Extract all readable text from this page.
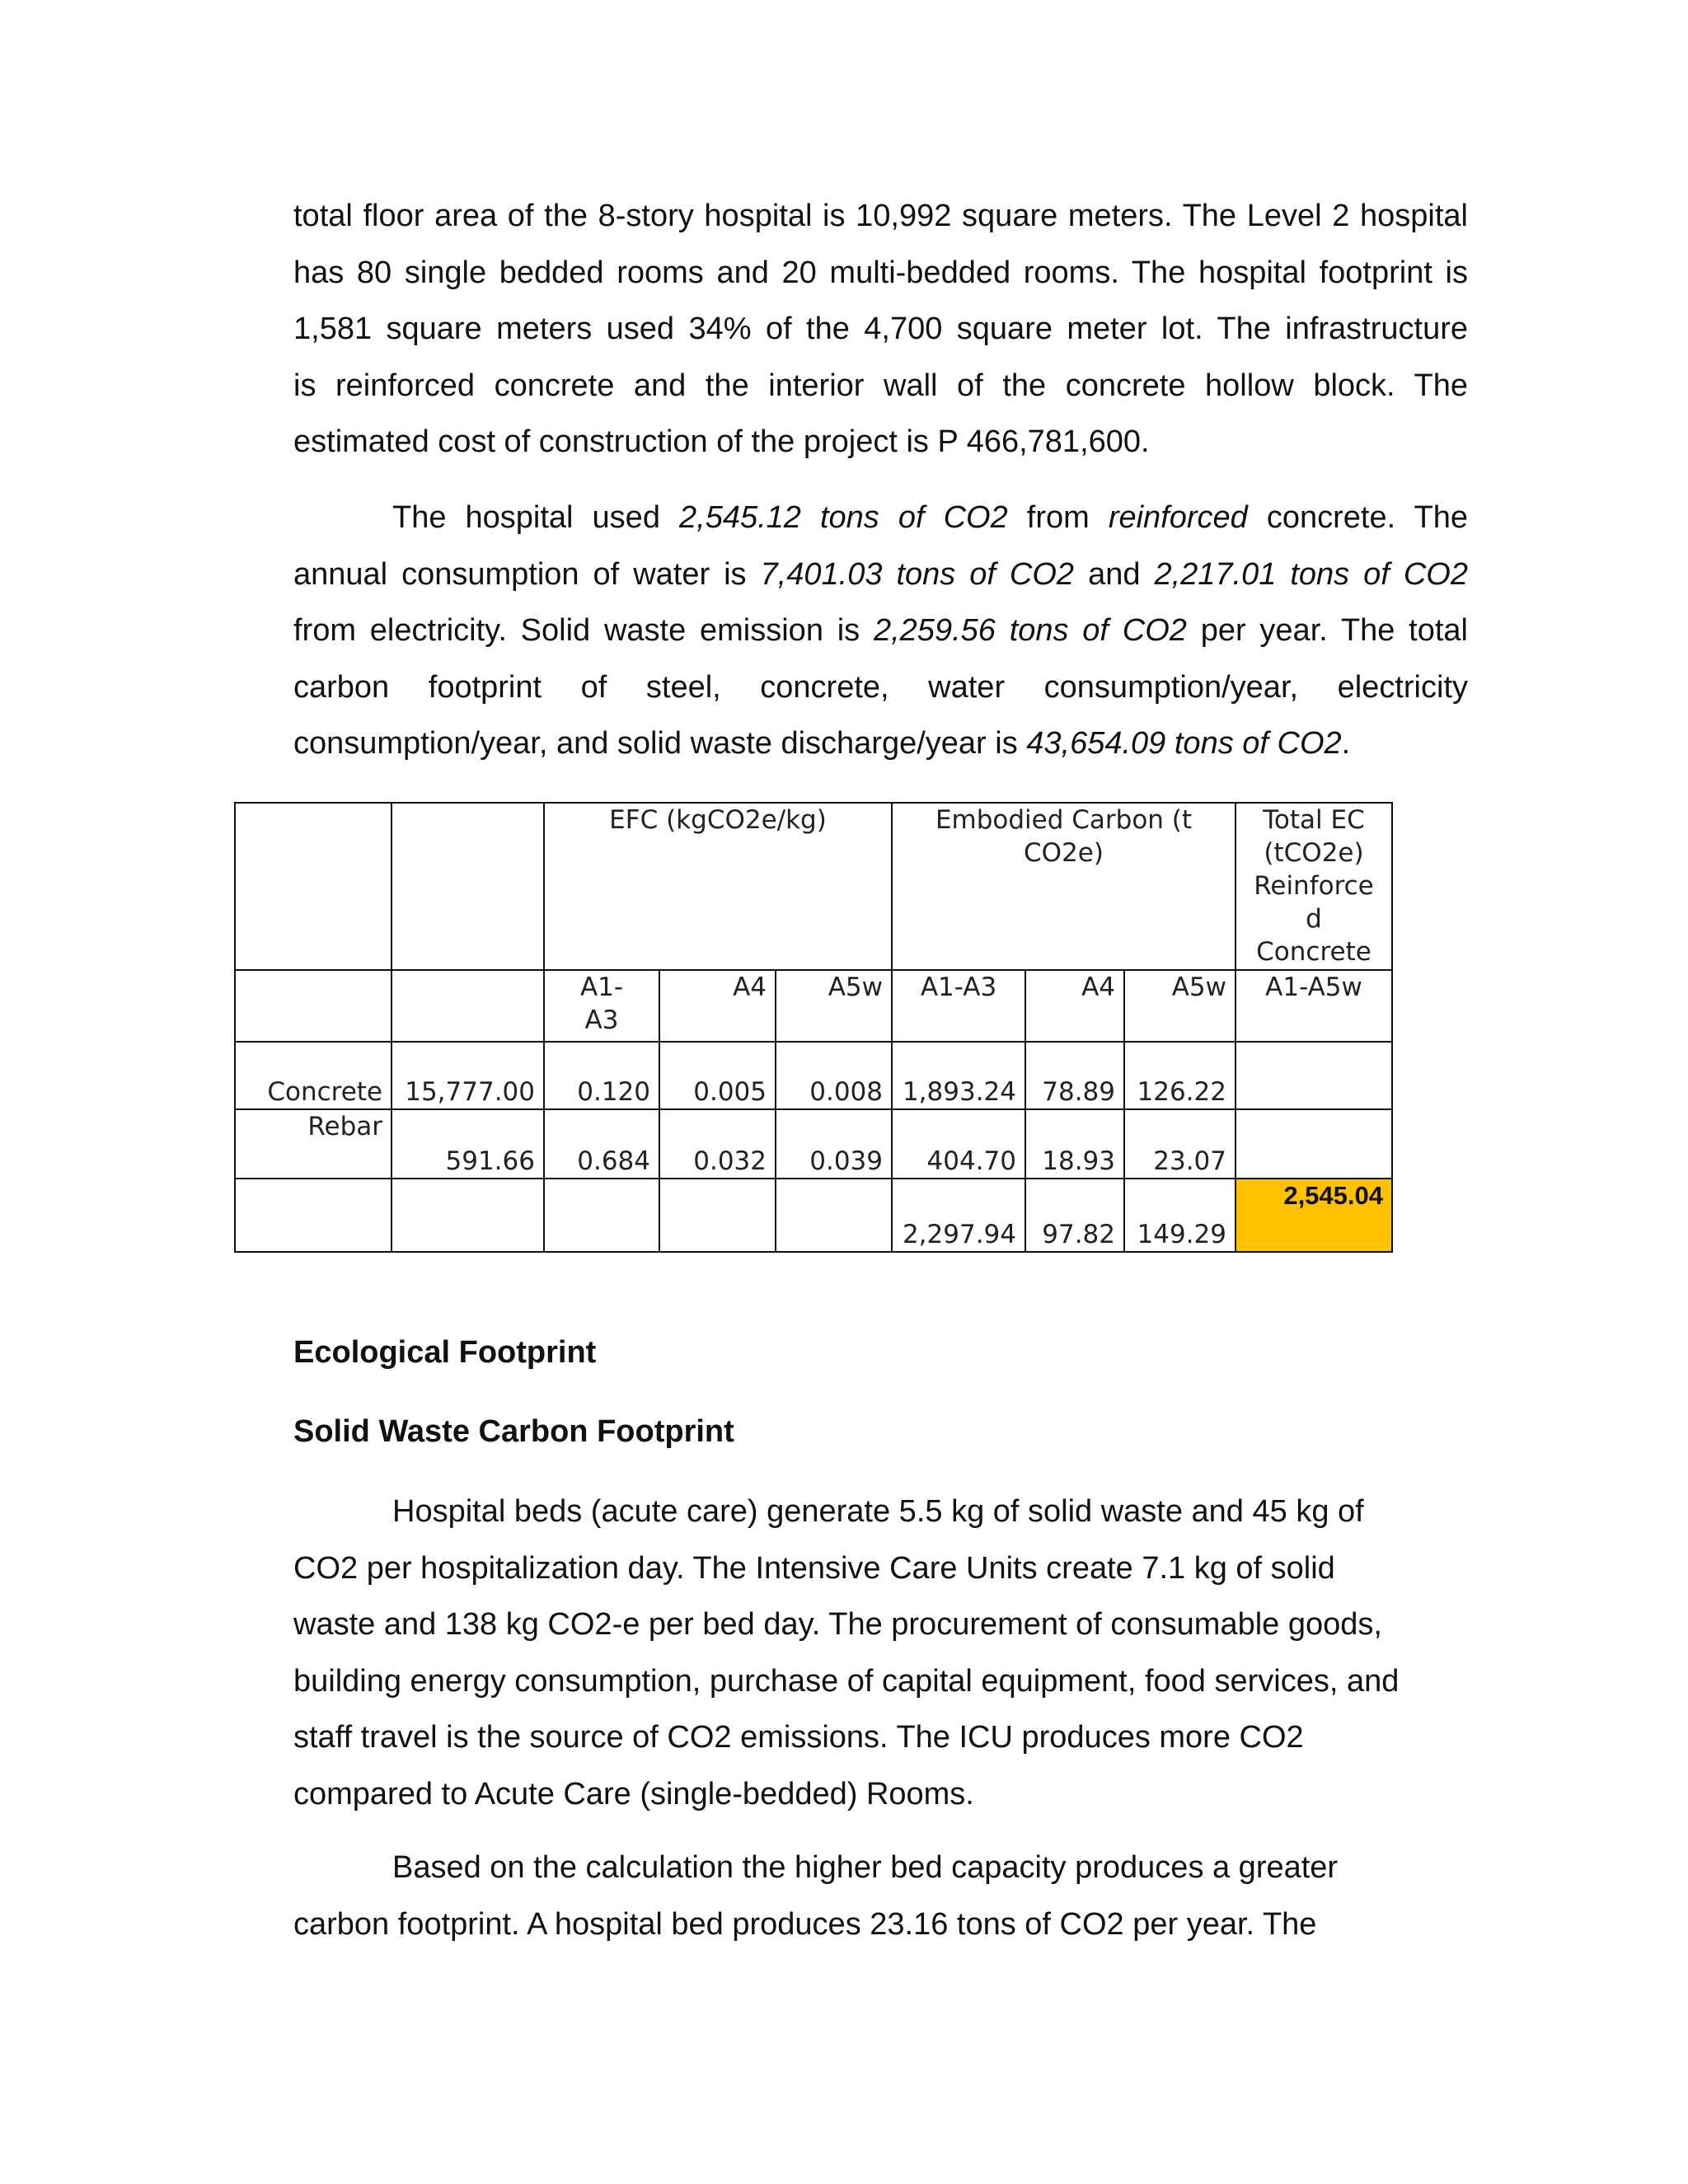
total floor area of the 8-story hospital is 10,992 square meters. The Level 2 hospital
has 80 single bedded rooms and 20 multi-bedded rooms. The hospital footprint is
1,581 square meters used 34% of the 4,700 square meter lot. The infrastructure
is reinforced concrete and the interior wall of the concrete hollow block. The
estimated cost of construction of the project is P 466,781,600.
The hospital used 2,545.12 tons of CO2 from reinforced concrete. The
annual consumption of water is 7,401.03 tons of CO2 and 2,217.01 tons of CO2
from electricity. Solid waste emission is 2,259.56 tons of CO2 per year. The total
carbon footprint of steel, concrete, water consumption/year, electricity
consumption/year, and solid waste discharge/year is 43,654.09 tons of CO2.
		EFC (kgCO2e/kg)			Embodied Carbon (t CO2e)			Total EC
(tCO2e)
Reinforce
d
Concrete

		A1-
A3	A4	A5w	A1-A3	A4	A5w	A1-A5w
Concrete	15,777.00	0.120	0.005	0.008	1,893.24	78.89	126.22	
Rebar	591.66	0.684	0.032	0.039	404.70	18.93	23.07	
					2,297.94	97.82	149.29	2,545.04
Ecological Footprint
Solid Waste Carbon Footprint
Hospital beds (acute care) generate 5.5 kg of solid waste and 45 kg of
CO2 per hospitalization day. The Intensive Care Units create 7.1 kg of solid
waste and 138 kg CO2-e per bed day. The procurement of consumable goods,
building energy consumption, purchase of capital equipment, food services, and
staff travel is the source of CO2 emissions. The ICU produces more CO2
compared to Acute Care (single-bedded) Rooms.
Based on the calculation the higher bed capacity produces a greater
carbon footprint. A hospital bed produces 23.16 tons of CO2 per year. The
